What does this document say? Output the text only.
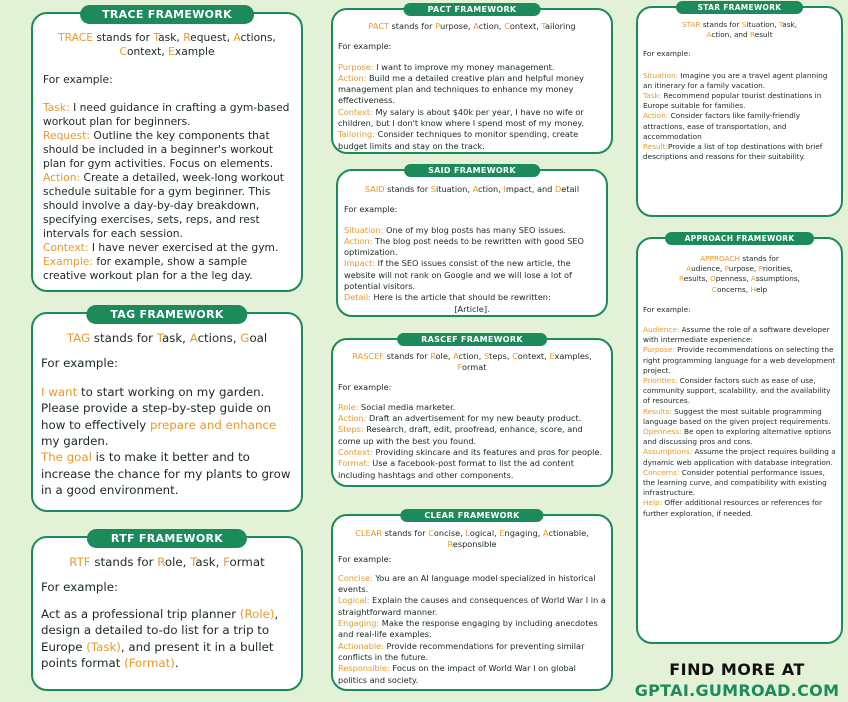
TRACE FRAMEWORK
TRACE stands for Task, Request, Actions,
Context, Example

For example:

Task: I need guidance in crafting a gym-based workout plan for beginners.

Request: Outline the key components that should be included in a beginner's workout plan for gym activities. Focus on elements.

Action: Create a detailed, week-long workout schedule suitable for a gym beginner. This should involve a day-by-day breakdown, specifying exercises, sets, reps, and rest intervals for each session.

Context: I have never exercised at the gym.

Example: for example, show a sample creative workout plan for a the leg day.

TAG FRAMEWORK
TAG stands for Task, Actions, Goal

For example:

I want to start working on my garden. Please provide a step-by-step guide on how to effectively prepare and enhance my garden.
The goal is to make it better and to increase the chance for my plants to grow in a good environment.
RTF FRAMEWORK
RTF stands for Role, Task, Format

For example:

Act as a professional trip planner (Role), design a detailed to-do list for a trip to Europe (Task), and present it in a bullet points format (Format).
PACT FRAMEWORK
PACT stands for Purpose, Action, Context, Tailoring

For example:

Purpose: I want to improve my money management.

Action: Build me a detailed creative plan and helpful money management plan and techniques to enhance my money effectiveness.

Context: My salary is about $40k per year, I have no wife or children, but I don't know where I spend most of my money.

Tailoring: Consider techniques to monitor spending, create budget limits and stay on the track.

SAID FRAMEWORK
SAID stands for Situation, Action, Impact, and Detail

For example:

Situation: One of my blog posts has many SEO issues.

Action: The blog post needs to be rewritten with good SEO optimization.

Impact: If the SEO issues consist of the new article, the website will not rank on Google and we will lose a lot of potential visitors.

Detail: Here is the article that should be rewritten:

[Article].

RASCEF FRAMEWORK
RASCEF stands for Role, Action, Steps, Context, Examples,
Format

For example:

Role: Social media marketer.

Action: Draft an advertisement for my new beauty product.

Steps: Research, draft, edit, proofread, enhance, score, and come up with the best you found.

Context: Providing skincare and its features and pros for people.

Format: Use a facebook-post format to list the ad content including hashtags and other components.

CLEAR FRAMEWORK
CLEAR stands for Concise, Logical, Engaging, Actionable,
Responsible

For example:

Concise: You are an AI language model specialized in historical events.

Logical: Explain the causes and consequences of World War I in a straightforward manner.

Engaging: Make the response engaging by including anecdotes and real-life examples.

Actionable: Provide recommendations for preventing similar conflicts in the future.

Responsible: Focus on the impact of World War I on global politics and society.

STAR FRAMEWORK
STAR stands for Situation, Task,
Action, and Result

For example:

Situation: Imagine you are a travel agent planning an itinerary for a family vacation.

Task: Recommend popular tourist destinations in Europe suitable for families.

Action: Consider factors like family-friendly attractions, ease of transportation, and accommodation

Result:Provide a list of top destinations with brief descriptions and reasons for their suitability.

APPROACH FRAMEWORK
APPROACH stands for
Audience, Purpose, Priorities,
Results, Openness, Assumptions,
Concerns, Help

For example:

Audience: Assume the role of a software developer with intermediate experience:

Purpose: Provide recommendations on selecting the right programming language for a web development project.

Priorities: Consider factors such as ease of use, community support, scalability, and the availability of resources.

Results: Suggest the most suitable programming language based on the given project requirements.

Openness: Be open to exploring alternative options and discussing pros and cons.

Assumptions: Assume the project requires building a dynamic web application with database integration.

Concerns: Consider potential performance issues, the learning curve, and compatibility with existing infrastructure.

Help: Offer additional resources or references for further exploration, if needed.

FIND MORE AT
GPTAI.GUMROAD.COM
